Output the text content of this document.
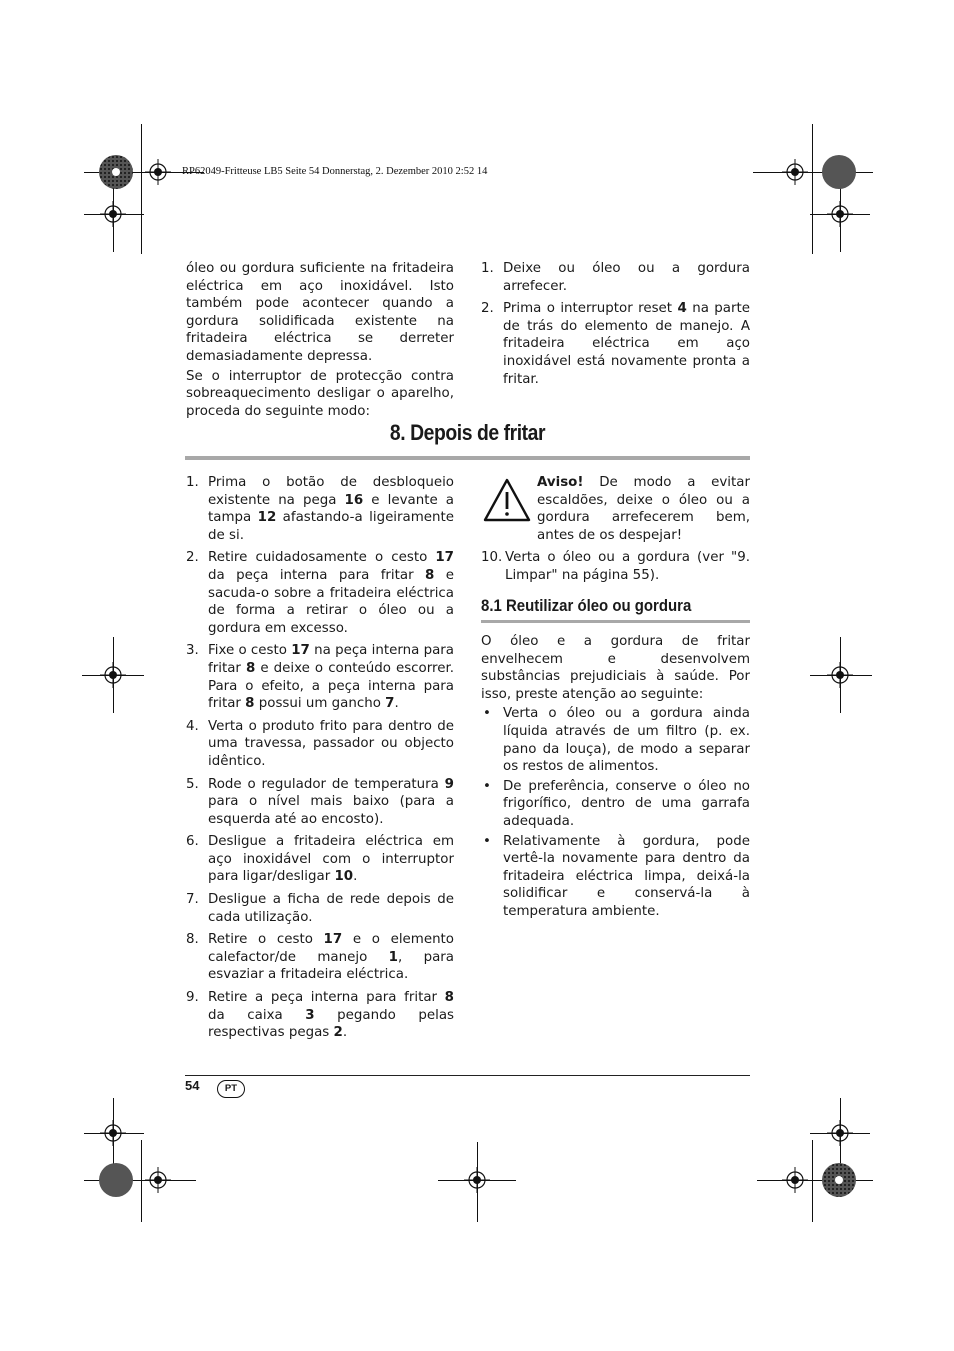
RP62049-Fritteuse LB5 Seite 54 Donnerstag, 2. Dezember 2010 2:52 14

óleo ou gordura suficiente na fritadeira eléctrica em aço inoxidável. Isto também pode acontecer quando a gordura solidificada existente na fritadeira eléctrica se derreter demasiadamente depressa.

Se o interruptor de protecção contra sobreaquecimento desligar o aparelho, proceda do seguinte modo:

1. Deixe ou óleo ou a gordura arrefecer.
2. Prima o interruptor reset 4 na parte de trás do elemento de manejo. A fritadeira eléctrica em aço inoxidável está novamente pronta a fritar.
8. Depois de fritar
1. Prima o botão de desbloqueio existente na pega 16 e levante a tampa 12 afastando-a ligeiramente de si.
2. Retire cuidadosamente o cesto 17 da peça interna para fritar 8 e sacuda-o sobre a fritadeira eléctrica de forma a retirar o óleo ou a gordura em excesso.
3. Fixe o cesto 17 na peça interna para fritar 8 e deixe o conteúdo escorrer. Para o efeito, a peça interna para fritar 8 possui um gancho 7.
4. Verta o produto frito para dentro de uma travessa, passador ou objecto idêntico.
5. Rode o regulador de temperatura 9 para o nível mais baixo (para a esquerda até ao encosto).
6. Desligue a fritadeira eléctrica em aço inoxidável com o interruptor para ligar/desligar 10.
7. Desligue a ficha de rede depois de cada utilização.
8. Retire o cesto 17 e o elemento calefactor/de manejo 1, para esvaziar a fritadeira eléctrica.
9. Retire a peça interna para fritar 8 da caixa 3 pegando pelas respectivas pegas 2.

Aviso! De modo a evitar escaldões, deixe o óleo ou a gordura arrefecerem bem, antes de os despejar!

10. Verta o óleo ou a gordura (ver "9. Limpar" na página 55).
8.1 Reutilizar óleo ou gordura

O óleo e a gordura de fritar envelhecem e desenvolvem substâncias prejudiciais à saúde. Por isso, preste atenção ao seguinte:

• Verta o óleo ou a gordura ainda líquida através de um filtro (p. ex. pano da louça), de modo a separar os restos de alimentos.
• De preferência, conserve o óleo no frigorífico, dentro de uma garrafa adequada.
• Relativamente à gordura, pode vertê-la novamente para dentro da fritadeira eléctrica limpa, deixá-la solidificar e conservá-la à temperatura ambiente.
54	PT
